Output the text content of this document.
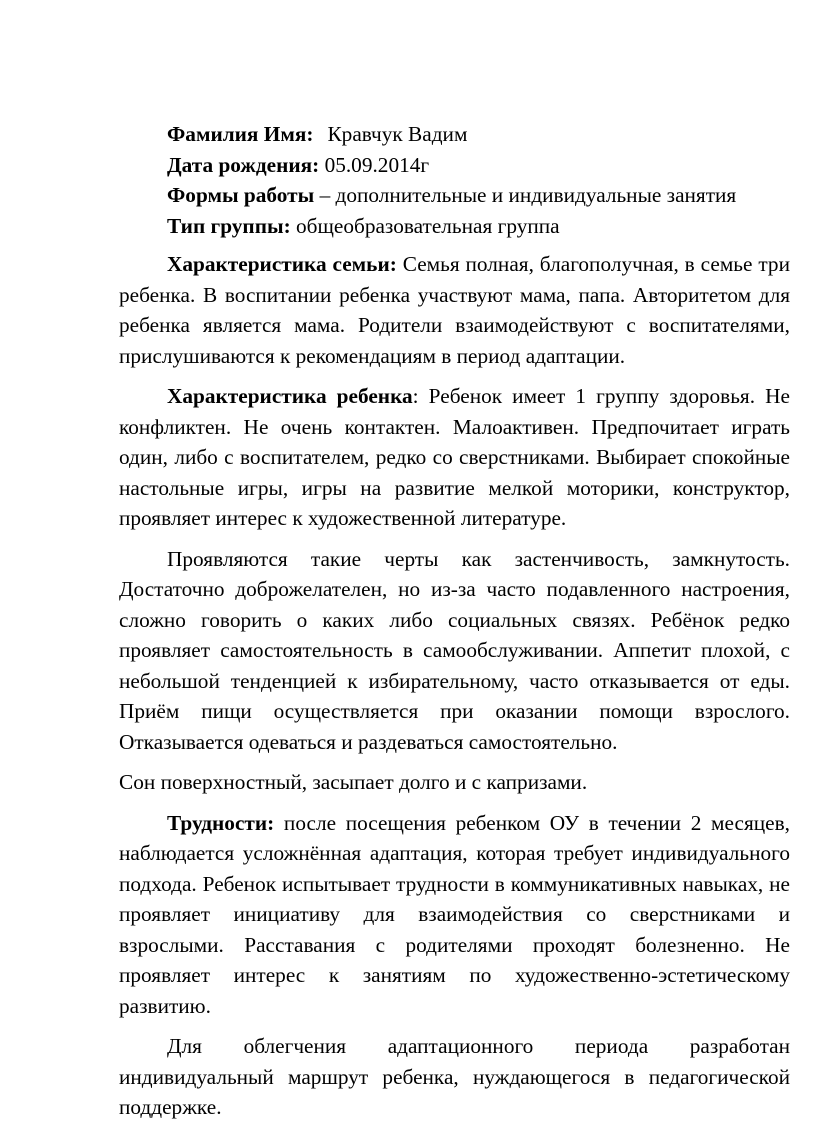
Фамилия Имя: Кравчук Вадим

Дата рождения: 05.09.2014г

Формы работы – дополнительные и индивидуальные занятия

Тип группы: общеобразовательная группа

Характеристика семьи: Семья полная, благополучная, в семье три ребенка. В воспитании ребенка участвуют мама, папа. Авторитетом для ребенка является мама. Родители взаимодействуют с воспитателями, прислушиваются к рекомендациям в период адаптации.

Характеристика ребенка: Ребенок имеет 1 группу здоровья. Не конфликтен. Не очень контактен. Малоактивен. Предпочитает играть один, либо с воспитателем, редко со сверстниками. Выбирает спокойные настольные игры, игры на развитие мелкой моторики, конструктор, проявляет интерес к художественной литературе.

Проявляются такие черты как застенчивость, замкнутость. Достаточно доброжелателен, но из-за часто подавленного настроения, сложно говорить о каких либо социальных связях. Ребёнок редко проявляет самостоятельность в самообслуживании. Аппетит плохой, с небольшой тенденцией к избирательному, часто отказывается от еды. Приём пищи осуществляется при оказании помощи взрослого. Отказывается одеваться и раздеваться самостоятельно.

Сон поверхностный, засыпает долго и с капризами.

Трудности: после посещения ребенком ОУ в течении 2 месяцев, наблюдается усложнённая адаптация, которая требует индивидуального подхода. Ребенок испытывает трудности в коммуникативных навыках, не проявляет инициативу для взаимодействия со сверстниками и взрослыми. Расставания с родителями проходят болезненно. Не проявляет интерес к занятиям по художественно-эстетическому развитию.

Для облегчения адаптационного периода разработан индивидуальный маршрут ребенка, нуждающегося в педагогической поддержке.
